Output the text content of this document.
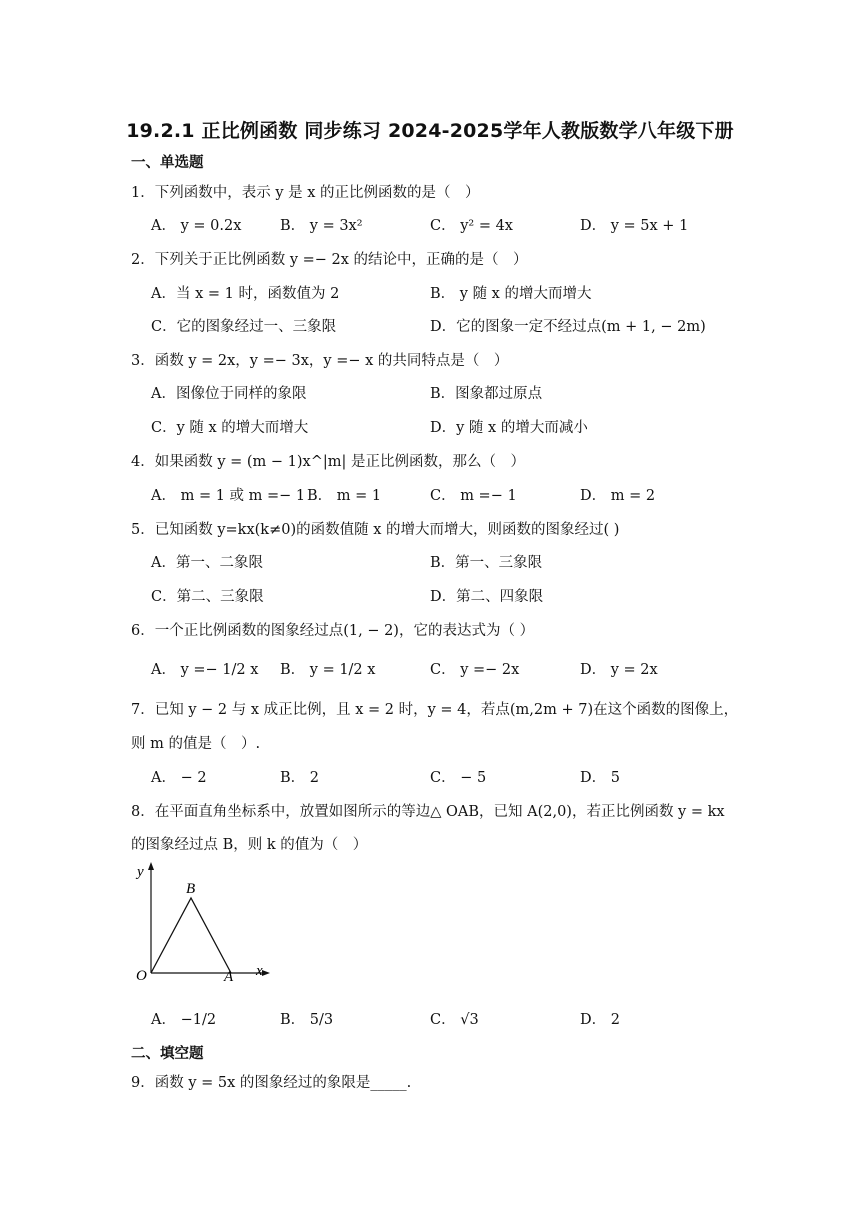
19.2.1 正比例函数 同步练习 2024-2025学年人教版数学八年级下册
一、单选题
1．下列函数中，表示 y 是 x 的正比例函数的是（　）
A． y = 0.2x	B． y = 3x²	C． y² = 4x	D． y = 5x + 1
2．下列关于正比例函数 y =− 2x 的结论中，正确的是（　）
A．当 x = 1 时，函数值为 2	B． y 随 x 的增大而增大
C．它的图象经过一、三象限	D．它的图象一定不经过点(m + 1, − 2m)
3．函数 y = 2x，y =− 3x，y =− x 的共同特点是（　）
A．图像位于同样的象限	B．图象都过原点
C．y 随 x 的增大而增大	D．y 随 x 的增大而减小
4．如果函数 y = (m − 1)x^|m| 是正比例函数，那么（　）
A． m = 1 或 m =− 1 B． m = 1	C． m =− 1	D． m = 2
5．已知函数 y=kx(k≠0)的函数值随 x 的增大而增大，则函数的图象经过( )
A．第一、二象限	B．第一、三象限
C．第二、三象限	D．第二、四象限
6．一个正比例函数的图象经过点(1, − 2)，它的表达式为（ ）
A． y =− 1/2 x B． y = 1/2 x	C． y =− 2x	D． y = 2x
7．已知 y − 2 与 x 成正比例，且 x = 2 时，y = 4，若点(m,2m + 7)在这个函数的图像上，
则 m 的值是（　）.
A． − 2	B． 2	C． − 5	D． 5
8．在平面直角坐标系中，放置如图所示的等边△ OAB，已知 A(2,0)，若正比例函数 y = kx
的图象经过点 B，则 k 的值为（　）
y
x
O	A
B
A． −1/2	B． 5/3	C． √3	D． 2
二、填空题
9．函数 y = 5x 的图象经过的象限是_____.
